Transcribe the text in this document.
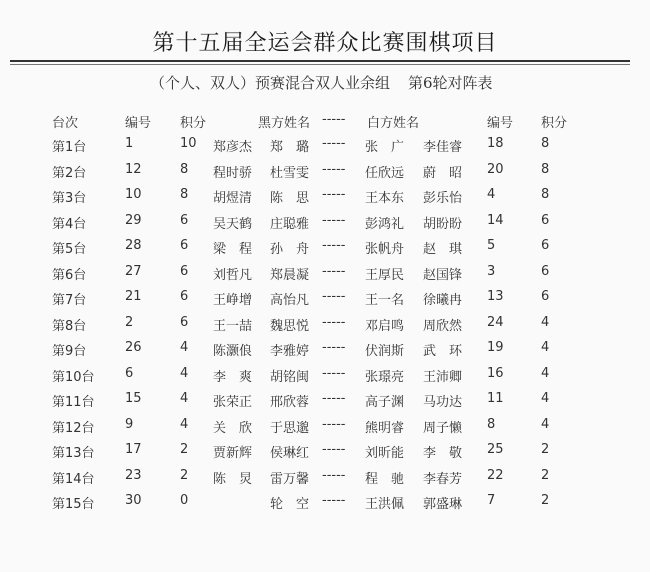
第十五届全运会群众比赛围棋项目
（个人、双人）预赛混合双人业余组 第6轮对阵表
台次	编号 积分	黑方姓名 ----- 白方姓名	编号 积分
第1台	1	10 郑彦杰 郑　璐 ----- 张　广 李佳睿 18	8
第2台	12	8 程时骄 杜雪雯 ----- 任欣远 蔚　昭 20	8
第3台	10	8 胡煜清 陈　思 ----- 王本东 彭乐怡 4	8
第4台	29	6 吴天鹤 庄聪雅 ----- 彭鸿礼 胡盼盼 14	6
第5台	28	6 梁　程 孙　舟 ----- 张帆舟 赵　琪 5	6
第6台	27	6 刘哲凡 郑晨凝 ----- 王厚民 赵国锋 3	6
第7台	21	6 王峥增 高怡凡 ----- 王一名 徐曦冉 13	6
第8台	2	6 王一喆 魏思悦 ----- 邓启鸣 周欣然 24	4
第9台	26	4 陈灏俍 李雅婷 ----- 伏润斯 武　环 19	4
第10台 6	4 李　爽 胡铭闽 ----- 张璟亮 王沛卿 16	4
第11台 15	4 张荣正 邢欣蓉 ----- 高子渊 马功达 11	4
第12台 9	4 关　欣 于思邈 ----- 熊明睿 周子懒 8	4
第13台 17	2 贾新辉 侯琳红 ----- 刘昕能 李　敬 25	2
第14台 23	2 陈　炅 雷万馨 ----- 程　驰 李春芳 22	2
第15台 30	0	轮　空 ----- 王洪佩 郭盛琳 7	2
